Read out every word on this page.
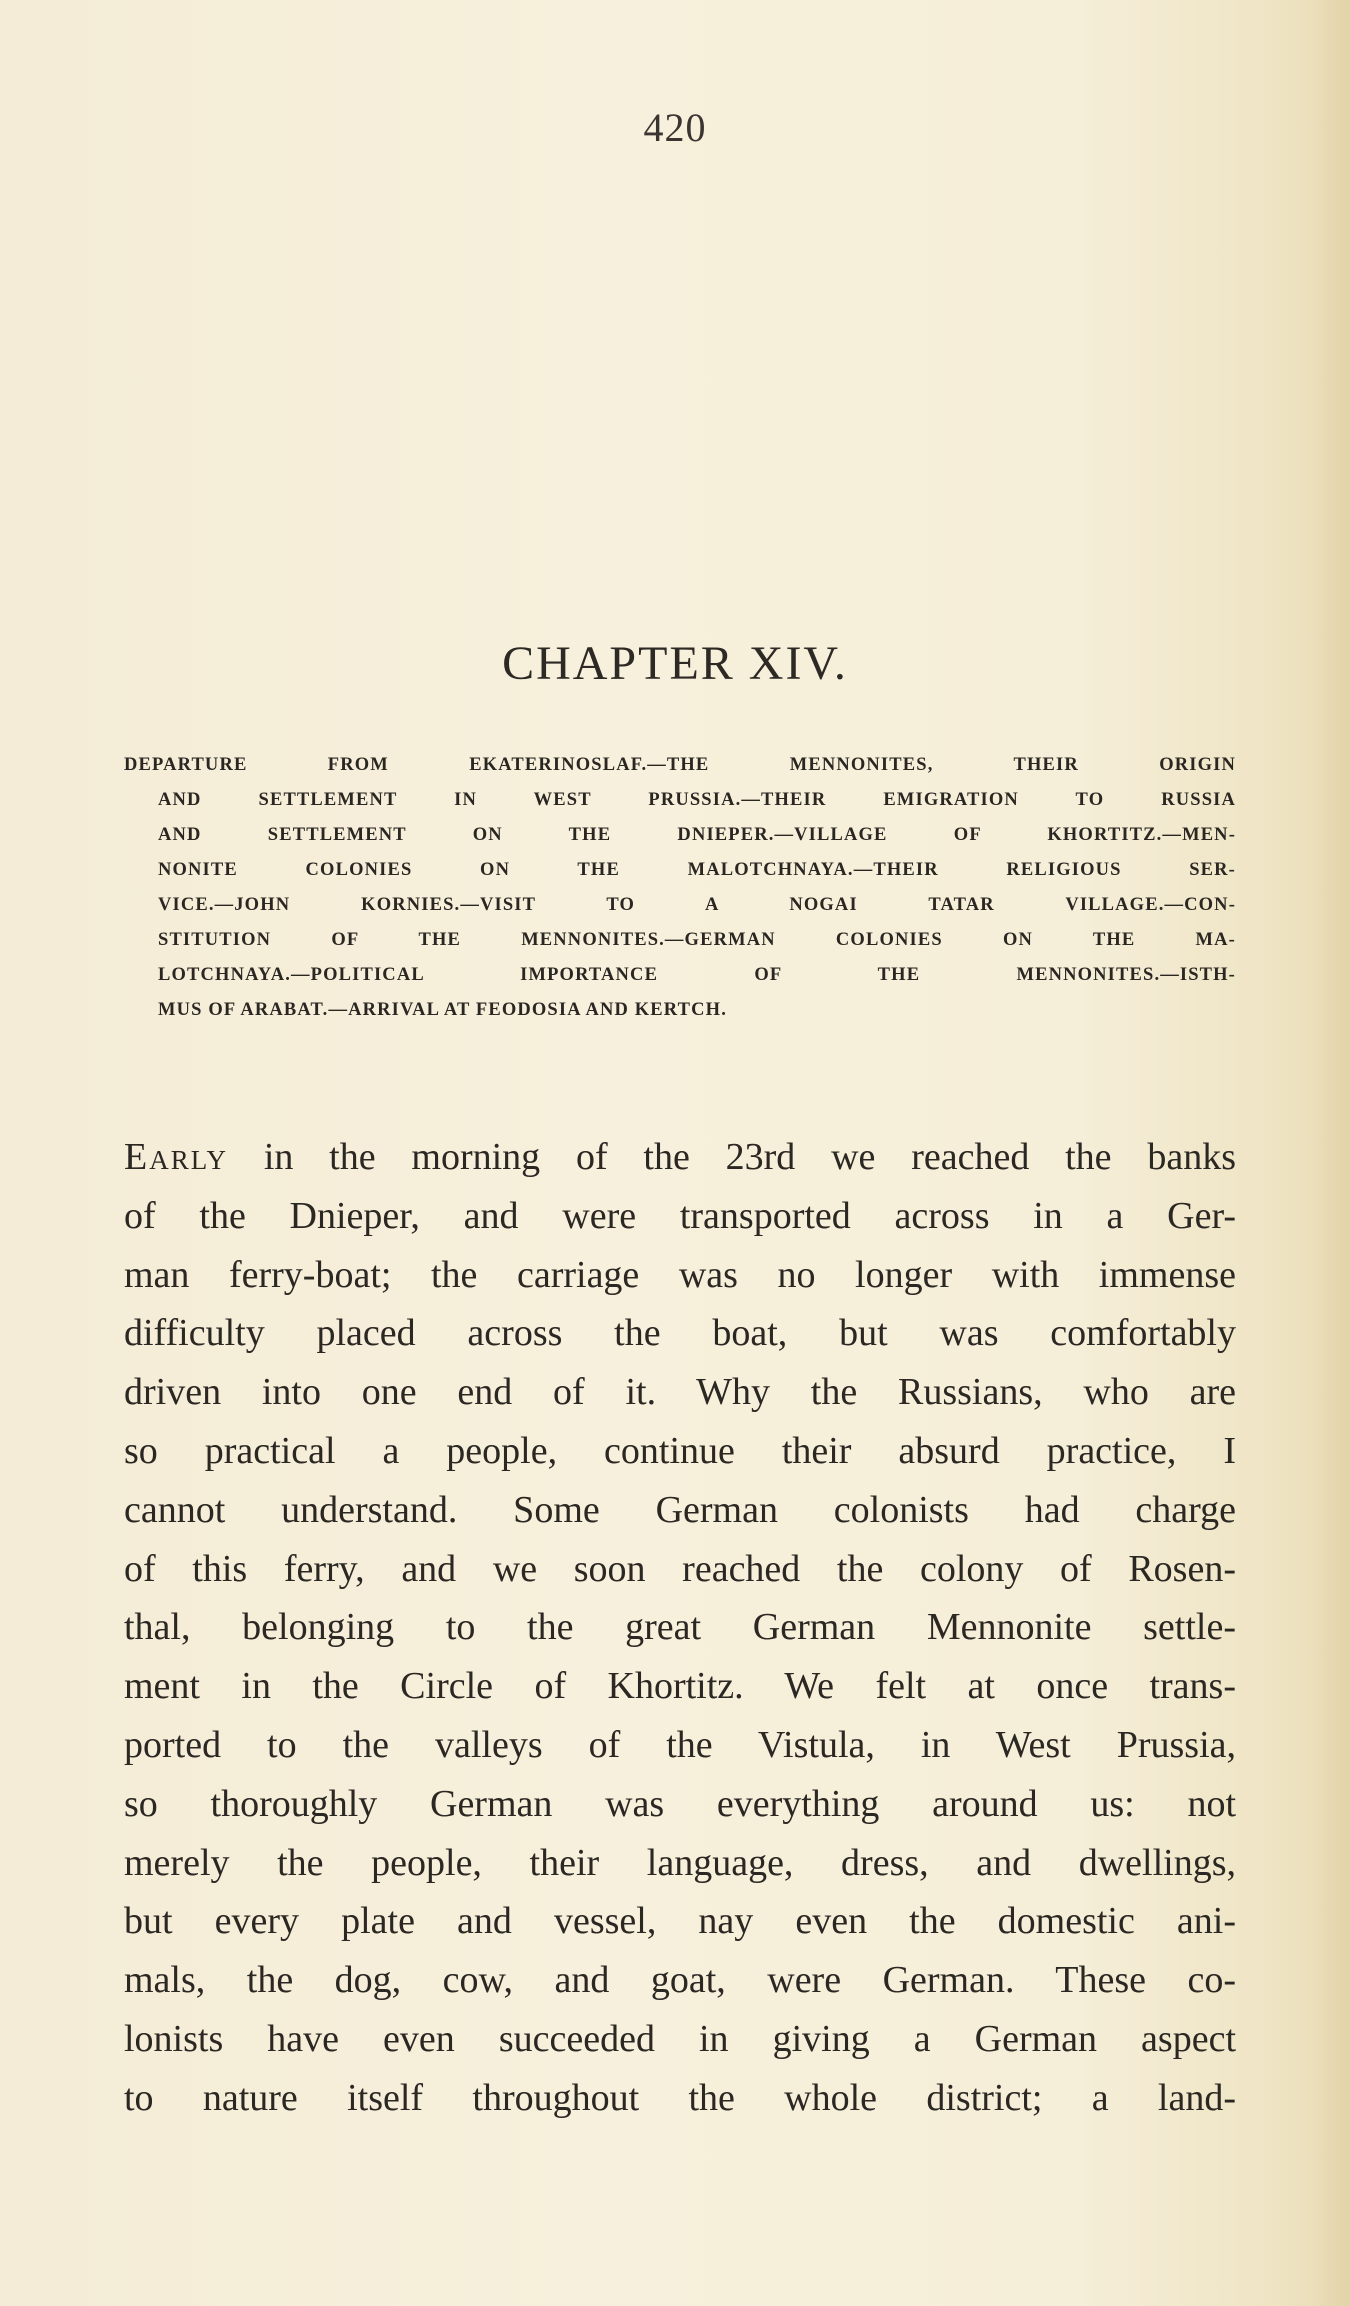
420
CHAPTER XIV.
DEPARTURE FROM EKATERINOSLAF.—THE MENNONITES, THEIR ORIGIN
AND SETTLEMENT IN WEST PRUSSIA.—THEIR EMIGRATION TO RUSSIA
AND SETTLEMENT ON THE DNIEPER.—VILLAGE OF KHORTITZ.—MEN-
NONITE COLONIES ON THE MALOTCHNAYA.—THEIR RELIGIOUS SER-
VICE.—JOHN KORNIES.—VISIT TO A NOGAI TATAR VILLAGE.—CON-
STITUTION OF THE MENNONITES.—GERMAN COLONIES ON THE MA-
LOTCHNAYA.—POLITICAL IMPORTANCE OF THE MENNONITES.—ISTH-
MUS OF ARABAT.—ARRIVAL AT FEODOSIA AND KERTCH.
Early in the morning of the 23rd we reached the banks
of the Dnieper, and were transported across in a Ger-
man ferry-boat; the carriage was no longer with immense
difficulty placed across the boat, but was comfortably
driven into one end of it. Why the Russians, who are
so practical a people, continue their absurd practice, I
cannot understand. Some German colonists had charge
of this ferry, and we soon reached the colony of Rosen-
thal, belonging to the great German Mennonite settle-
ment in the Circle of Khortitz. We felt at once trans-
ported to the valleys of the Vistula, in West Prussia,
so thoroughly German was everything around us: not
merely the people, their language, dress, and dwellings,
but every plate and vessel, nay even the domestic ani-
mals, the dog, cow, and goat, were German. These co-
lonists have even succeeded in giving a German aspect
to nature itself throughout the whole district; a land-
